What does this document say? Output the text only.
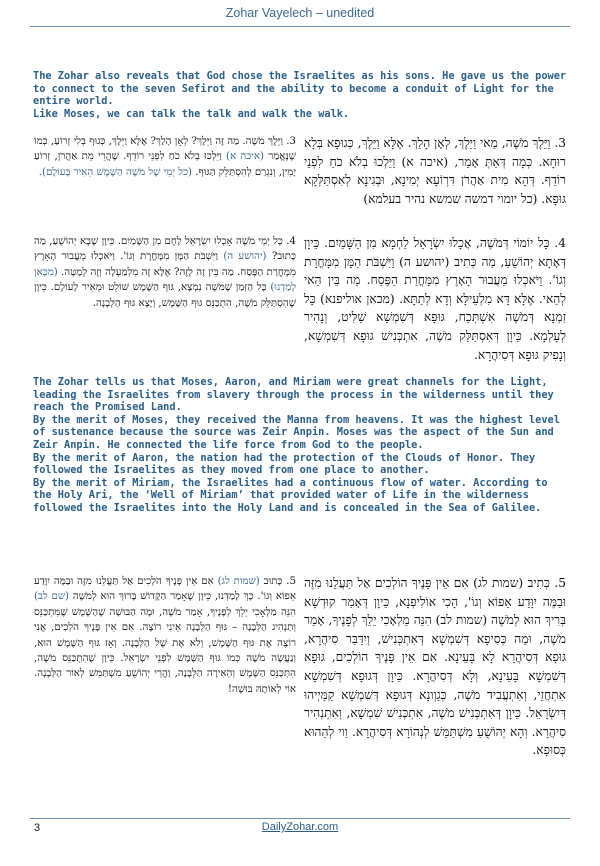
Zohar Vayelech – unedited

The Zohar also reveals that God chose the Israelites as his sons. He gave us the power to connect to the seven Sefirot and the ability to become a conduit of Light for the entire world.

Like Moses, we can talk the talk and walk the walk.

3. וַיֵּלֶךְ מֹשֶׁה, מַאי וַיֵּלֶךְ, לְאָן הָלַךְ. אֶלָּא וַיֵּלֶךְ, כְּגוּפָא בְּלָא רוּחָא. כְּמָה דְּאַתְּ אָמֵר, (איכה א) וַיֵּלְכוּ בְלֹא כֹחַ לִפְנֵי רוֹדֵף. דְּהָא מִית אַהֲרֹן דִּרְוֹעָא יְמִינָא, וּבְגִינָא לְאִסְתַּלְּקָא גּוּפָא. (כל יומוי דמשה שמשא נהיר בעלמא)
3. וַיֵּלֶךְ מֹשֶׁה. מַה זֶּה וַיֵּלֶךְ? לְאָן הָלַךְ? אֶלָּא וַיֵּלֶךְ, כְּגוּף בְּלִי זְרוֹעַ, כְּמוֹ שֶׁנֶּאֱמַר (איכה א) וַיֵּלְכוּ בְלֹא כֹחַ לִפְנֵי רוֹדֵף. שֶׁהֲרֵי מֵת אַהֲרֹן, זְרוֹעַ יָמִין, וְנִגְרַם לְהִסְתַּלֵּק הַגּוּף. (כל יְמֵי שֶׁל מֹשֶׁה הַשֶּׁמֶשׁ הֵאִיר בָּעוֹלָם).
4. כָּל יוֹמוֹי דְּמֹשֶׁה, אֲכָלוּ יִשְׂרָאֵל לַחְמָא מִן הַשָּׁמַיִם. כֵּיוָן דְּאָתָא יְהוֹשֻׁעַ, מַה כְּתִיב (יהושע ה) וַיִּשְׁבֹּת הַמָּן מִמָּחֳרָת וְגוֹ'. וַיֹּאכְלוּ מֵעֲבוּר הָאָרֶץ מִמָּחֳרַת הַפֶּסַח. מַה בֵּין הַאי לְהַאי. אֶלָּא דָּא מִלְעֵילָּא וְדָא לְתַתָּא. (מכאן אוליפנא) כָּל זִמְנָא דְּמֹשֶׁה אִשְׁתְּכַח, גּוּפָא דְּשִׁמְשָׁא שַׁלִּיט, וְנָהִיר לְעָלְמָא. כֵּיוָן דְּאִסְתַּלַּק מֹשֶׁה, אִתְכְּנִישׁ גּוּפָא דְּשִׁמְשָׁא, וְנָפִיק גּוּפָא דְּסִיהֲרָא.
4. כָּל יְמֵי מֹשֶׁה אָכְלוּ יִשְׂרָאֵל לֶחֶם מִן הַשָּׁמַיִם. כֵּיוָן שֶׁבָּא יְהוֹשֻׁעַ, מַה כָּתוּב? (יהושע ה) וַיִּשְׁבֹּת הַמָּן מִמָּחֳרָת וְגוֹ'. וַיֹּאכְלוּ מֵעֲבוּר הָאָרֶץ מִמָּחֳרַת הַפֶּסַח. מַה בֵּין זֶה לָזֶה? אֶלָּא זֶה מִלְמַעְלָה וְזֶה לְמַטָּה. (מִכָּאן לָמַדְנוּ) כָּל הַזְּמַן שֶׁמֹּשֶׁה נִמְצָא, גּוּף הַשֶּׁמֶשׁ שׁוֹלֵט וּמֵאִיר לָעוֹלָם. כֵּיוָן שֶׁהִסְתַּלֵּק מֹשֶׁה, הִתְכַּנֵּס גּוּף הַשֶּׁמֶשׁ, וְיָצָא גּוּף הַלְּבָנָה.

The Zohar tells us that Moses, Aaron, and Miriam were great channels for the Light, leading the Israelites from slavery through the process in the wilderness until they reach the Promised Land.

By the merit of Moses, they received the Manna from heavens. It was the highest level of sustenance because the source was Zeir Anpin. Moses was the aspect of the Sun and Zeir Anpin. He connected the life force from God to the people.

By the merit of Aaron, the nation had the protection of the Clouds of Honor. They followed the Israelites as they moved from one place to another.

By the merit of Miriam, the Israelites had a continuous flow of water. According to the Holy Ari, the ‘Well of Miriam’ that provided water of Life in the wilderness followed the Israelites into the Holy Land and is concealed in the Sea of Galilee.

5. כְּתִיב (שמות לג) אִם אֵין פָּנֶיךָ הוֹלְכִים אַל תַּעֲלֵנוּ מִזֶּה וּבַמֶּה יִוָּדַע אֵפוֹא וְגוֹ', הָכִי אוֹלִיפְנָא, כֵּיוָן דְּאָמַר קוּדְשָׁא בְּרִיךְ הוּא לְמֹשֶׁה (שמות לב) הִנֵּה מַלְאָכִי יֵלֵךְ לְפָנֶיךָ, אָמַר מֹשֶׁה, וּמַה כְּסִיפָא דְּשִׁמְשָׁא דְּאִתְכְּנִישׁ, וְיִדַּבַּר סִיהֲרָא, גּוּפָא דְּסִיהֲרָא לָא בָּעֵינָא. אִם אֵין פָּנֶיךָ הוֹלְכִים, גּוּפָא דְּשִׁמְשָׁא בָּעֵינָא, וְלָא דְּסִיהֲרָא. כֵּיוָן דְּגוּפָא דְּשִׁמְשָׁא אִתְחֲזֵי, וְאִתְעֲבִיד מֹשֶׁה, כְּגַוְונָא דְּגוּפָא דְּשִׁמְשָׁא קַמַּיְיהוּ דְּיִשְׂרָאֵל. כֵּיוָן דְּאִתְכְּנִישׁ מֹשֶׁה, אִתְכְּנִישׁ שִׁמְשָׁא, וְאִתְנְהִיר סִיהֲרָא. וְהָא יְהוֹשֻׁעַ מִשְׁתַּמֵּשׁ לְנְהוֹרָא דְּסִיהֲרָא. וַוי לְהַהוּא כְּסוּפָא.
5. כָּתוּב (שמות לג) אִם אֵין פָּנֶיךָ הֹלְכִים אַל תַּעֲלֵנוּ מִזֶּה וּבַמֶּה יִוָּדַע אֵפוֹא וְגוֹ'. כָּךְ לָמַדְנוּ, כֵּיוָן שֶׁאָמַר הַקָּדוֹשׁ בָּרוּךְ הוּא לְמֹשֶׁה (שם לב) הִנֵּה מַלְאָכִי יֵלֵךְ לְפָנֶיךָ, אָמַר מֹשֶׁה, וּמָה הַבּוּשָׁה שֶׁהַשֶּׁמֶשׁ שֶׁמִּתְכַּנֵּס וְתַנְהִיג הַלְּבָנָה – גּוּף הַלְּבָנָה אֵינִי רוֹצֶה. אִם אֵין פָּנֶיךָ הֹלְכִים, אֲנִי רוֹצֶה אֶת גּוּף הַשֶּׁמֶשׁ, וְלֹא אֶת שֶׁל הַלְּבָנָה. וְאָז גּוּף הַשֶּׁמֶשׁ הוּא, וְנַעֲשָׂה מֹשֶׁה כְּמוֹ גּוּף הַשֶּׁמֶשׁ לִפְנֵי יִשְׂרָאֵל. כֵּיוָן שֶׁהִתְכַּנֵּס מֹשֶׁה, הִתְכַּנֵּס הַשֶּׁמֶשׁ וְהֵאִירָה הַלְּבָנָה, וַהֲרֵי יְהוֹשֻׁעַ מִשְׁתַּמֵּשׁ לְאוֹר הַלְּבָנָה. אוֹי לְאוֹתָהּ בּוּשָׁה!
3	DailyZohar.com
